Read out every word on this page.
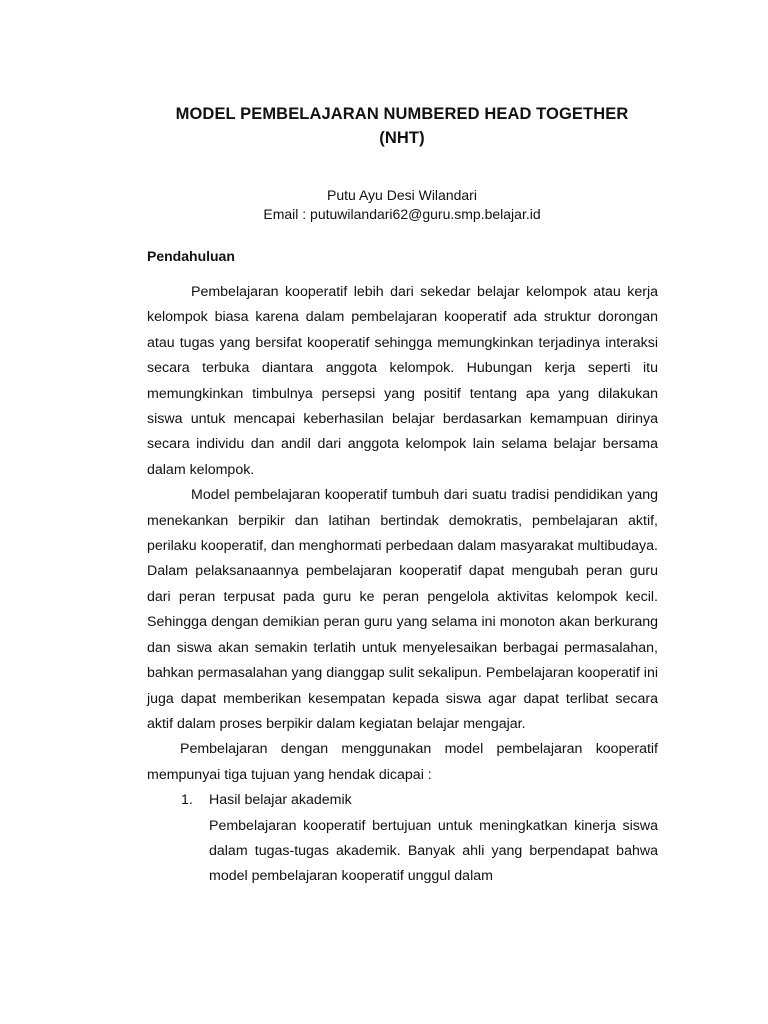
MODEL PEMBELAJARAN NUMBERED HEAD TOGETHER
(NHT)
Putu Ayu Desi Wilandari
Email : putuwilandari62@guru.smp.belajar.id
Pendahuluan

Pembelajaran kooperatif lebih dari sekedar belajar kelompok atau kerja kelompok biasa karena dalam pembelajaran kooperatif ada struktur dorongan atau tugas yang bersifat kooperatif sehingga memungkinkan terjadinya interaksi secara terbuka diantara anggota kelompok. Hubungan kerja seperti itu memungkinkan timbulnya persepsi yang positif tentang apa yang dilakukan siswa untuk mencapai keberhasilan belajar berdasarkan kemampuan dirinya secara individu dan andil dari anggota kelompok lain selama belajar bersama dalam kelompok.

Model pembelajaran kooperatif tumbuh dari suatu tradisi pendidikan yang menekankan berpikir dan latihan bertindak demokratis, pembelajaran aktif, perilaku kooperatif, dan menghormati perbedaan dalam masyarakat multibudaya. Dalam pelaksanaannya pembelajaran kooperatif dapat mengubah peran guru dari peran terpusat pada guru ke peran pengelola aktivitas kelompok kecil. Sehingga dengan demikian peran guru yang selama ini monoton akan berkurang dan siswa akan semakin terlatih untuk menyelesaikan berbagai permasalahan, bahkan permasalahan yang dianggap sulit sekalipun. Pembelajaran kooperatif ini juga dapat memberikan kesempatan kepada siswa agar dapat terlibat secara aktif dalam proses berpikir dalam kegiatan belajar mengajar.

Pembelajaran dengan menggunakan model pembelajaran kooperatif mempunyai tiga tujuan yang hendak dicapai :

1. Hasil belajar akademik

Pembelajaran kooperatif bertujuan untuk meningkatkan kinerja siswa dalam tugas-tugas akademik. Banyak ahli yang berpendapat bahwa model pembelajaran kooperatif unggul dalam
